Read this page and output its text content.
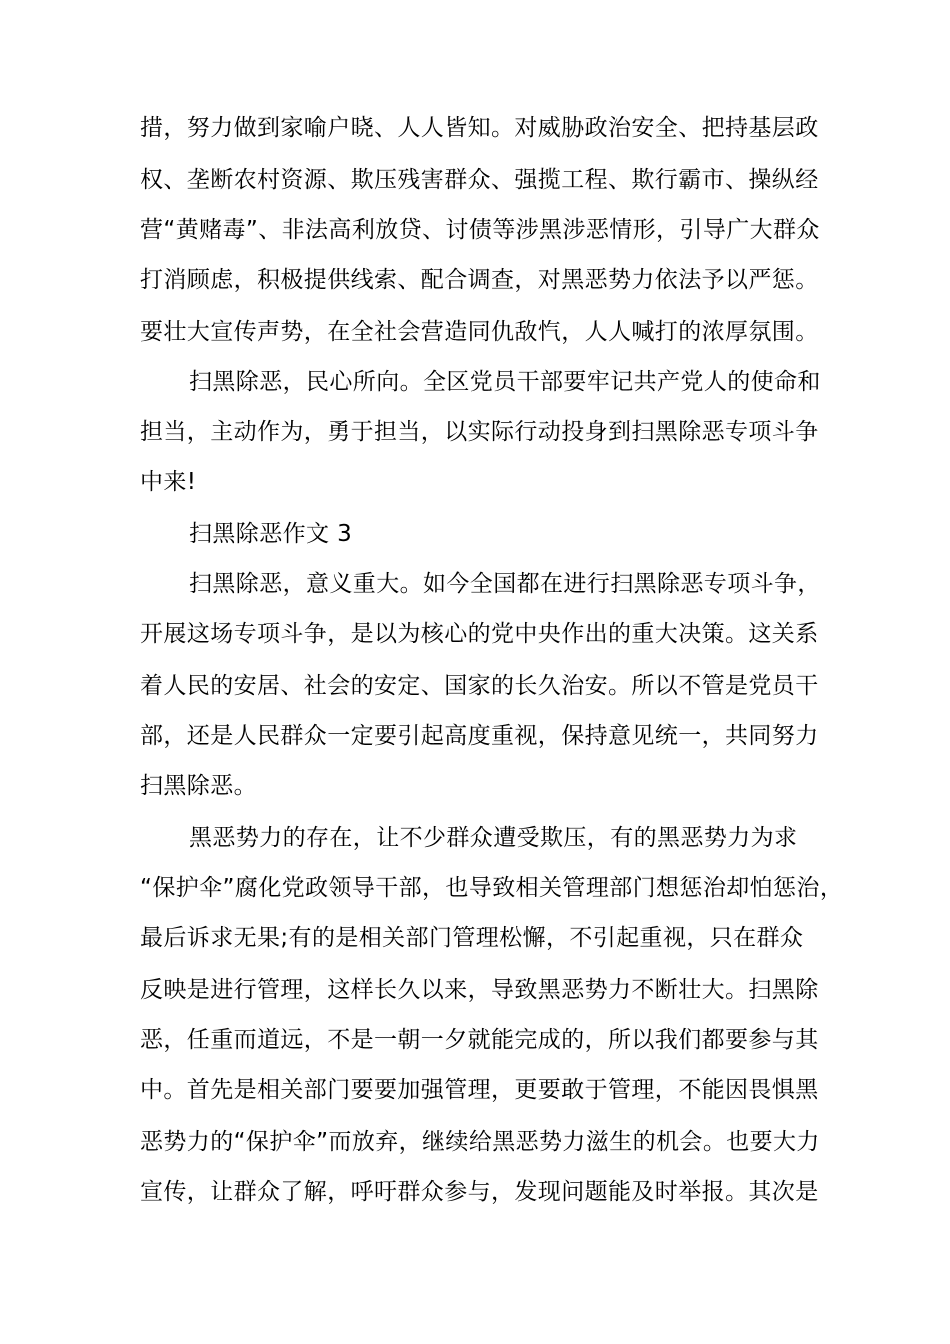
措，努力做到家喻户晓、人人皆知。对威胁政治安全、把持基层政
权、垄断农村资源、欺压残害群众、强揽工程、欺行霸市、操纵经
营“黄赌毒”、非法高利放贷、讨债等涉黑涉恶情形，引导广大群众
打消顾虑，积极提供线索、配合调查，对黑恶势力依法予以严惩。
要壮大宣传声势，在全社会营造同仇敌忾，人人喊打的浓厚氛围。
扫黑除恶，民心所向。全区党员干部要牢记共产党人的使命和
担当，主动作为，勇于担当，以实际行动投身到扫黑除恶专项斗争
中来!
扫黑除恶作文 3
扫黑除恶，意义重大。如今全国都在进行扫黑除恶专项斗争，
开展这场专项斗争，是以为核心的党中央作出的重大决策。这关系
着人民的安居、社会的安定、国家的长久治安。所以不管是党员干
部，还是人民群众一定要引起高度重视，保持意见统一，共同努力
扫黑除恶。
黑恶势力的存在，让不少群众遭受欺压，有的黑恶势力为求
“保护伞”腐化党政领导干部，也导致相关管理部门想惩治却怕惩治，
最后诉求无果;有的是相关部门管理松懈，不引起重视，只在群众
反映是进行管理，这样长久以来，导致黑恶势力不断壮大。扫黑除
恶，任重而道远，不是一朝一夕就能完成的，所以我们都要参与其
中。首先是相关部门要要加强管理，更要敢于管理，不能因畏惧黑
恶势力的“保护伞”而放弃，继续给黑恶势力滋生的机会。也要大力
宣传，让群众了解，呼吁群众参与，发现问题能及时举报。其次是
